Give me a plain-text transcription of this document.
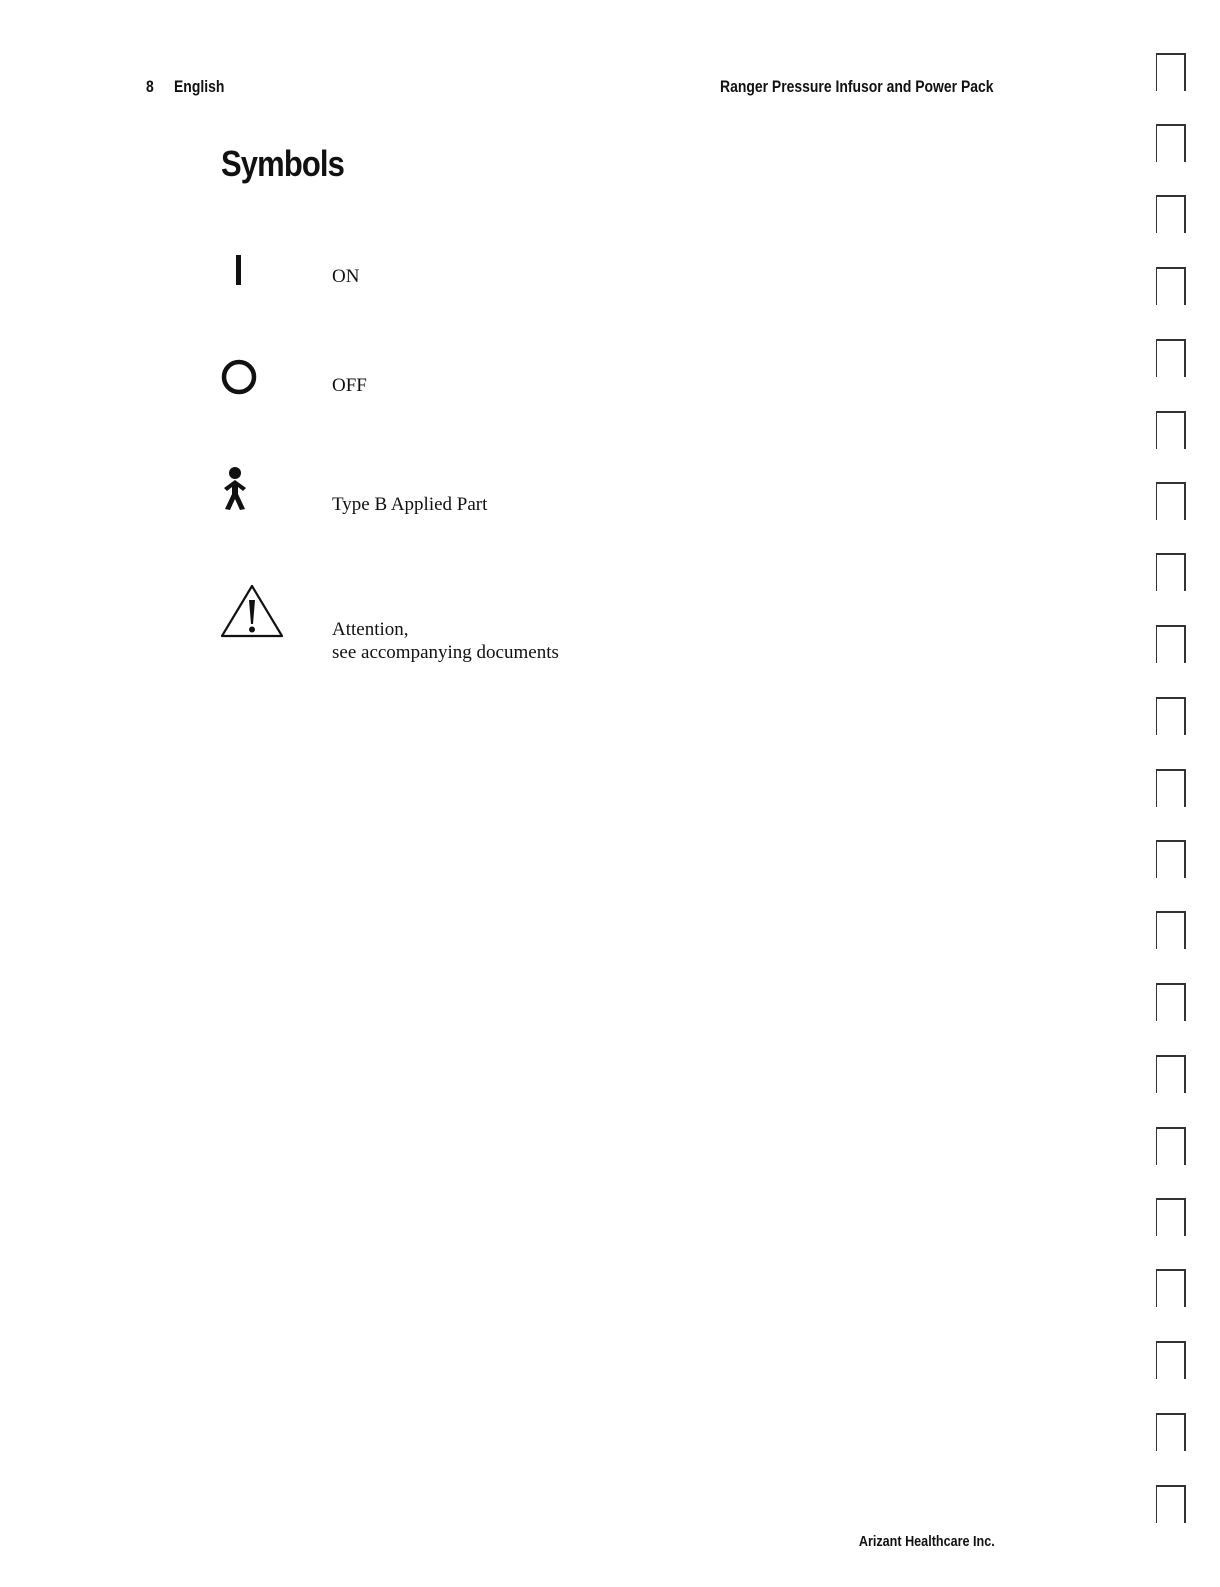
8 English	Ranger Pressure Infusor and Power Pack
Symbols
ON
OFF
Type B Applied Part
Attention,
see accompanying documents
Arizant Healthcare Inc.
